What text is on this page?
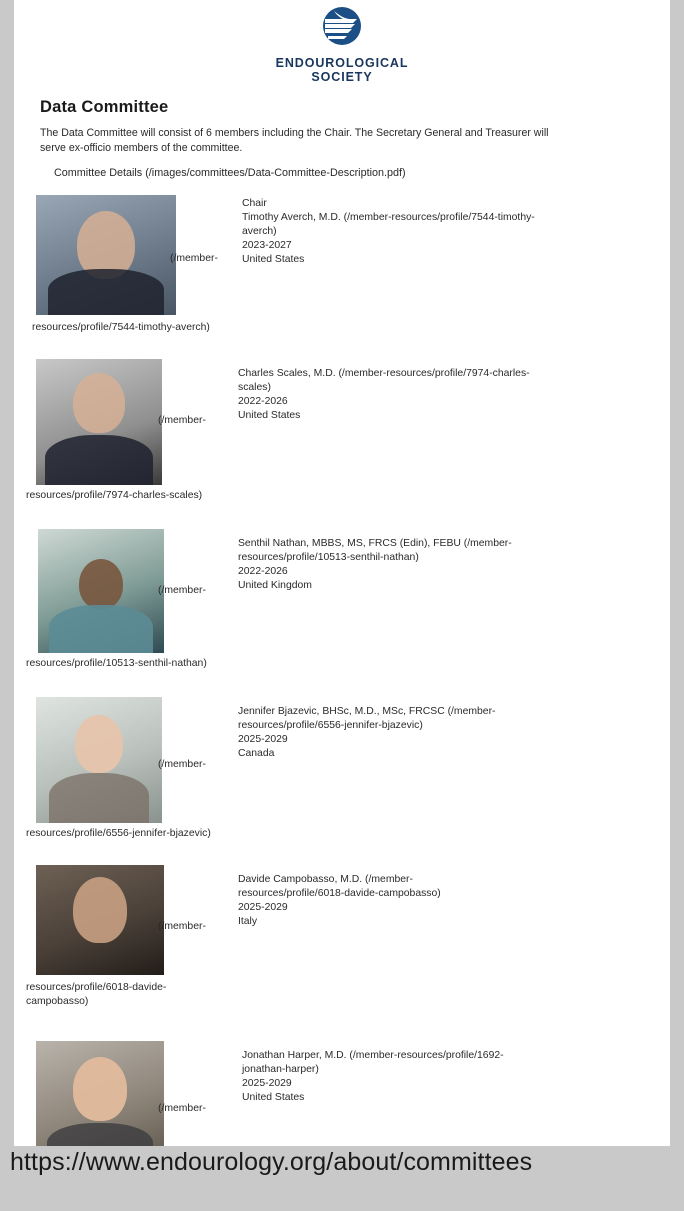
ENDOUROLOGICAL
SOCIETY
Data Committee
The Data Committee will consist of 6 members including the Chair. The Secretary General and Treasurer will serve ex-officio members of the committee.
Committee Details (/images/committees/Data-Committee-Description.pdf)
(/member-
resources/profile/7544-timothy-averch)
Chair
Timothy Averch, M.D. (/member-resources/profile/7544-timothy-averch)
2023-2027
United States
(/member-
resources/profile/7974-charles-scales)
Charles Scales, M.D. (/member-resources/profile/7974-charles-scales)
2022-2026
United States
(/member-
resources/profile/10513-senthil-nathan)
Senthil Nathan, MBBS, MS, FRCS (Edin), FEBU (/member-resources/profile/10513-senthil-nathan)
2022-2026
United Kingdom
(/member-
resources/profile/6556-jennifer-bjazevic)
Jennifer Bjazevic, BHSc, M.D., MSc, FRCSC (/member-resources/profile/6556-jennifer-bjazevic)
2025-2029
Canada
(/member-
resources/profile/6018-davide-campobasso)
Davide Campobasso, M.D. (/member-resources/profile/6018-davide-campobasso)
2025-2029
Italy
(/member-
Jonathan Harper, M.D. (/member-resources/profile/1692-jonathan-harper)
2025-2029
United States
https://www.endourology.org/about/committees
